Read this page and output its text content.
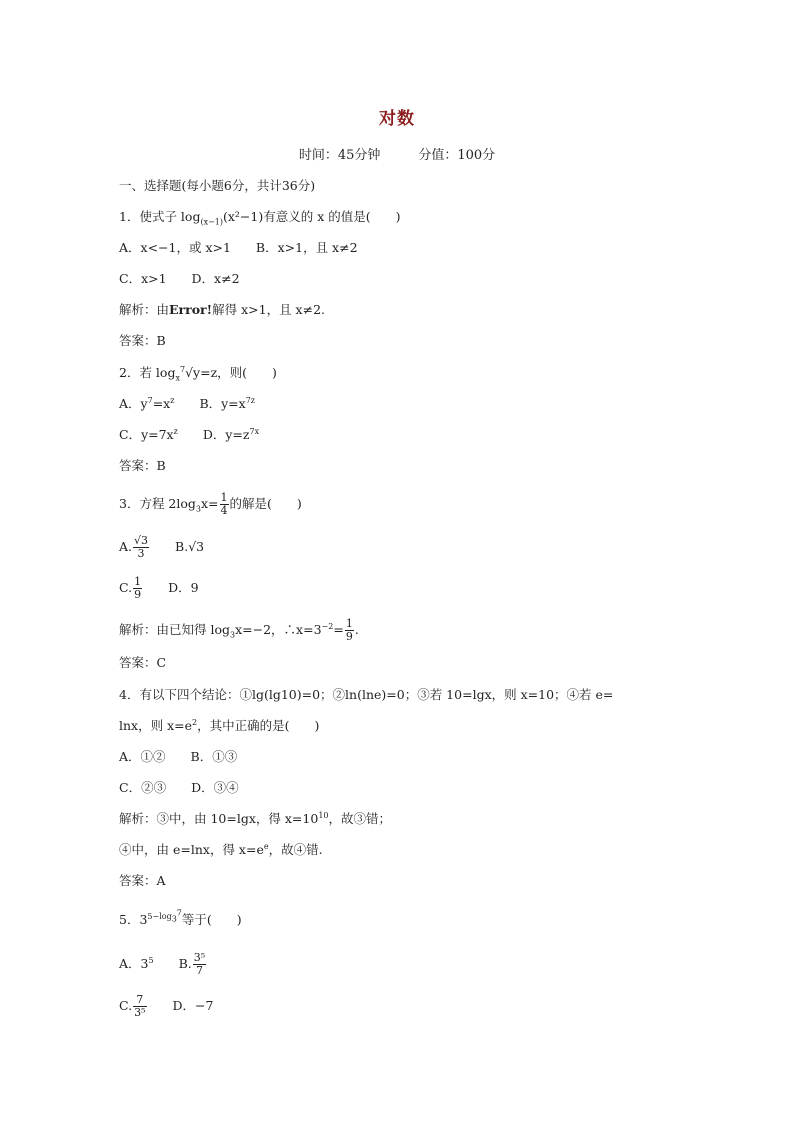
对数
时间：45分钟	分值：100分
一、选择题(每小题6分，共计36分)
1．使式子 $\log_{(x-1)}(x^2-1)$有意义的 x 的值是(　　)
A．x<−1，或 x>1　　B．x>1，且 x≠2
C．x>1　　D．x≠2
解析：由Error!解得 x>1，且 x≠2.
答案：B
2．若 $\log_x^7√y=z$，则(　　)
A．$y^7=x^z$　　B．$y=x^{7z}$
C．$y=7x^z$　　D．$y=z^{7x}$
答案：B
3．方程 $2\log_3x= \frac{1}{4}$ 的解是(　　)
A. $\frac{√3}{3}$ 　　B.√3
C. $\frac{1}{9}$ 　　D．9
解析：由已知得 $\log_3x=-2$，$\therefore x=3^{-2}= \frac{1}{9}$ .
答案：C
4．有以下四个结论：①lg(lg10)=0；②ln(lne)=0；③若 10=lgx，则 x=10；④若 e=
lnx，则 $x=e^2$，其中正确的是(　　)
A．①②　　B．①③
C．②③　　D．③④
解析：③中，由 10=lgx，得 $x=10^{10}$，故③错；
④中，由 e=lnx，得 $x=e^e$，故④错.
答案：A
5．$3^{5-log_3^7}$等于(　　)
A．$3^5$　　B. $\frac{\text{3⁵}}{7}$
C. $\frac{7}{\text{3⁵}}$ 　　D．−7
